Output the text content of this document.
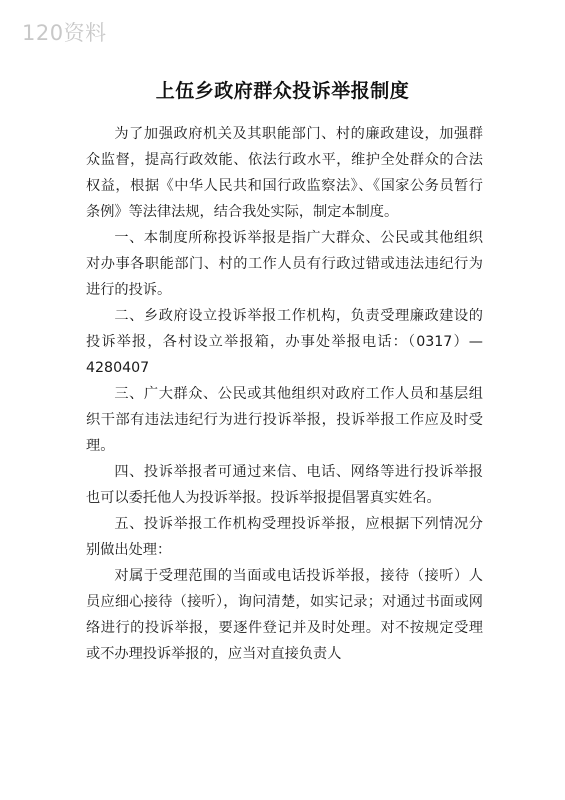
120资料
上伍乡政府群众投诉举报制度

为了加强政府机关及其职能部门、村的廉政建设，加强群众监督，提高行政效能、依法行政水平，维护全处群众的合法权益，根据《中华人民共和国行政监察法》、《国家公务员暂行条例》等法律法规，结合我处实际，制定本制度。

一、本制度所称投诉举报是指广大群众、公民或其他组织对办事各职能部门、村的工作人员有行政过错或违法违纪行为进行的投诉。

二、乡政府设立投诉举报工作机构，负责受理廉政建设的投诉举报，各村设立举报箱，办事处举报电话：（0317）—4280407

三、广大群众、公民或其他组织对政府工作人员和基层组织干部有违法违纪行为进行投诉举报，投诉举报工作应及时受理。

四、投诉举报者可通过来信、电话、网络等进行投诉举报也可以委托他人为投诉举报。投诉举报提倡署真实姓名。

五、投诉举报工作机构受理投诉举报，应根据下列情况分别做出处理：

对属于受理范围的当面或电话投诉举报，接待（接听）人员应细心接待（接听），询问清楚，如实记录；对通过书面或网络进行的投诉举报，要逐件登记并及时处理。对不按规定受理或不办理投诉举报的，应当对直接负责人
